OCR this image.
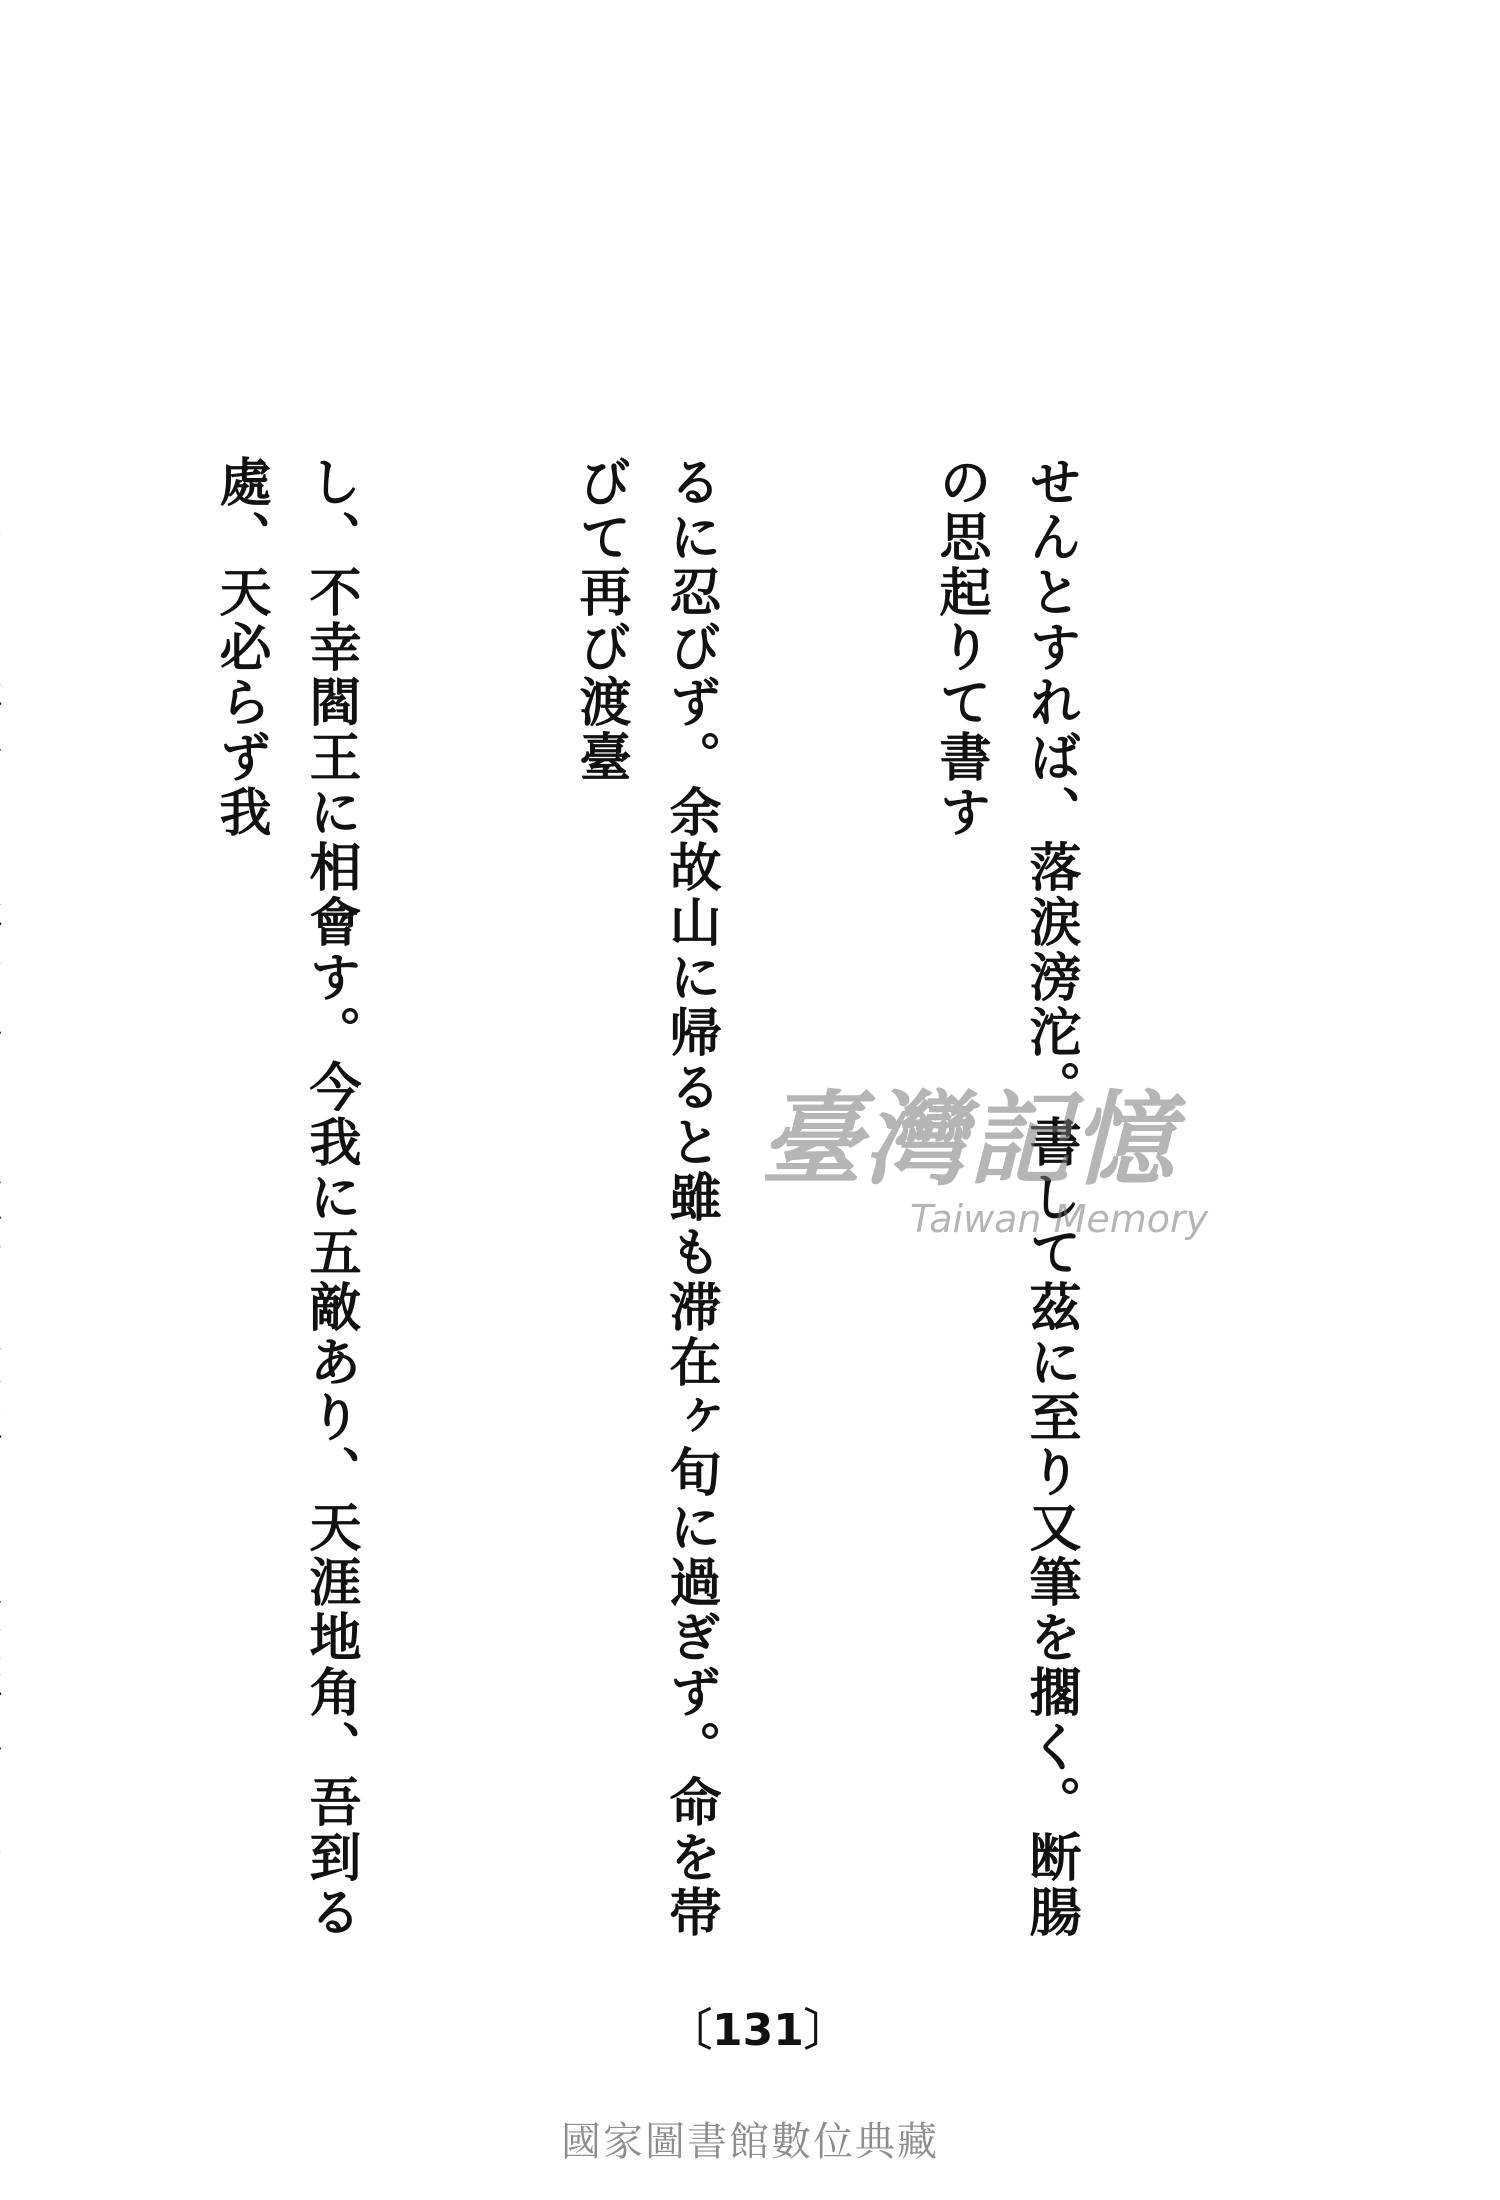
せんとすれば、落涙滂沱。書して茲に至り又筆を擱く。断腸の思起りて書す

るに忍びず。余故山に帰ると雖も滞在ヶ旬に過ぎず。命を帯びて再び渡臺

し、不幸閻王に相會す。今我に五敵あり、天涯地角、吾到る處、天必らず我

臺灣記憶
Taiwan Memory
〔131〕
國家圖書館數位典藏
